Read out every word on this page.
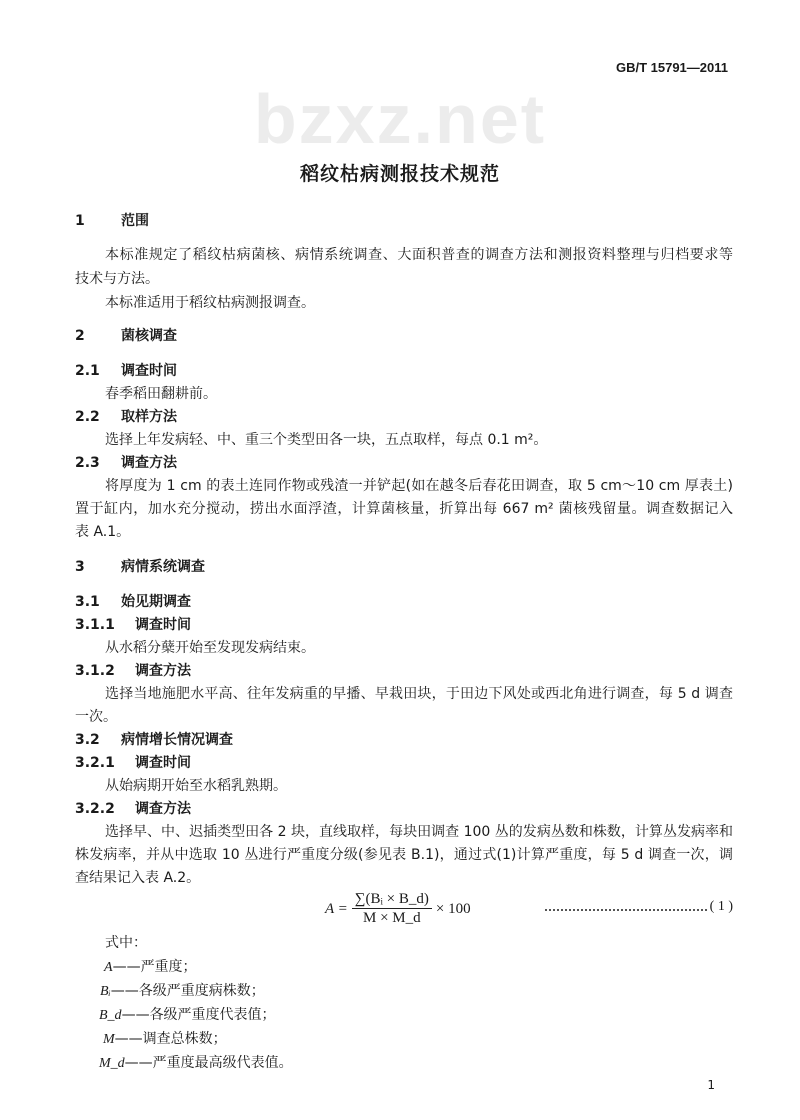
GB/T 15791—2011
bzxz.net
稻纹枯病测报技术规范
1	范围
本标准规定了稻纹枯病菌核、病情系统调查、大面积普查的调查方法和测报资料整理与归档要求等
技术与方法。
本标准适用于稻纹枯病测报调查。
2	菌核调查
2.1 调查时间
春季稻田翻耕前。
2.2 取样方法
选择上年发病轻、中、重三个类型田各一块，五点取样，每点 0.1 m²。
2.3 调查方法
将厚度为 1 cm 的表土连同作物或残渣一并铲起(如在越冬后春花田调查，取 5 cm～10 cm 厚表土)
置于缸内，加水充分搅动，捞出水面浮渣，计算菌核量，折算出每 667 m² 菌核残留量。调查数据记入
表 A.1。
3	病情系统调查
3.1 始见期调查
3.1.1 调查时间
从水稻分蘖开始至发现发病结束。
3.1.2 调查方法
选择当地施肥水平高、往年发病重的早播、早栽田块，于田边下风处或西北角进行调查，每 5 d 调查
一次。
3.2 病情增长情况调查
3.2.1 调查时间
从始病期开始至水稻乳熟期。
3.2.2 调查方法
选择早、中、迟插类型田各 2 块，直线取样，每块田调查 100 丛的发病丛数和株数，计算丛发病率和
株发病率，并从中选取 10 丛进行严重度分级(参见表 B.1)，通过式(1)计算严重度，每 5 d 调查一次，调
查结果记入表 A.2。
$A = \frac{\text{∑(Bᵢ × B\_d)}}{M \times M\_d} \times 100$	( 1 )
式中：
A——严重度；
Bᵢ——各级严重度病株数；
B_d——各级严重度代表值；
M——调查总株数；
M_d——严重度最高级代表值。
1
